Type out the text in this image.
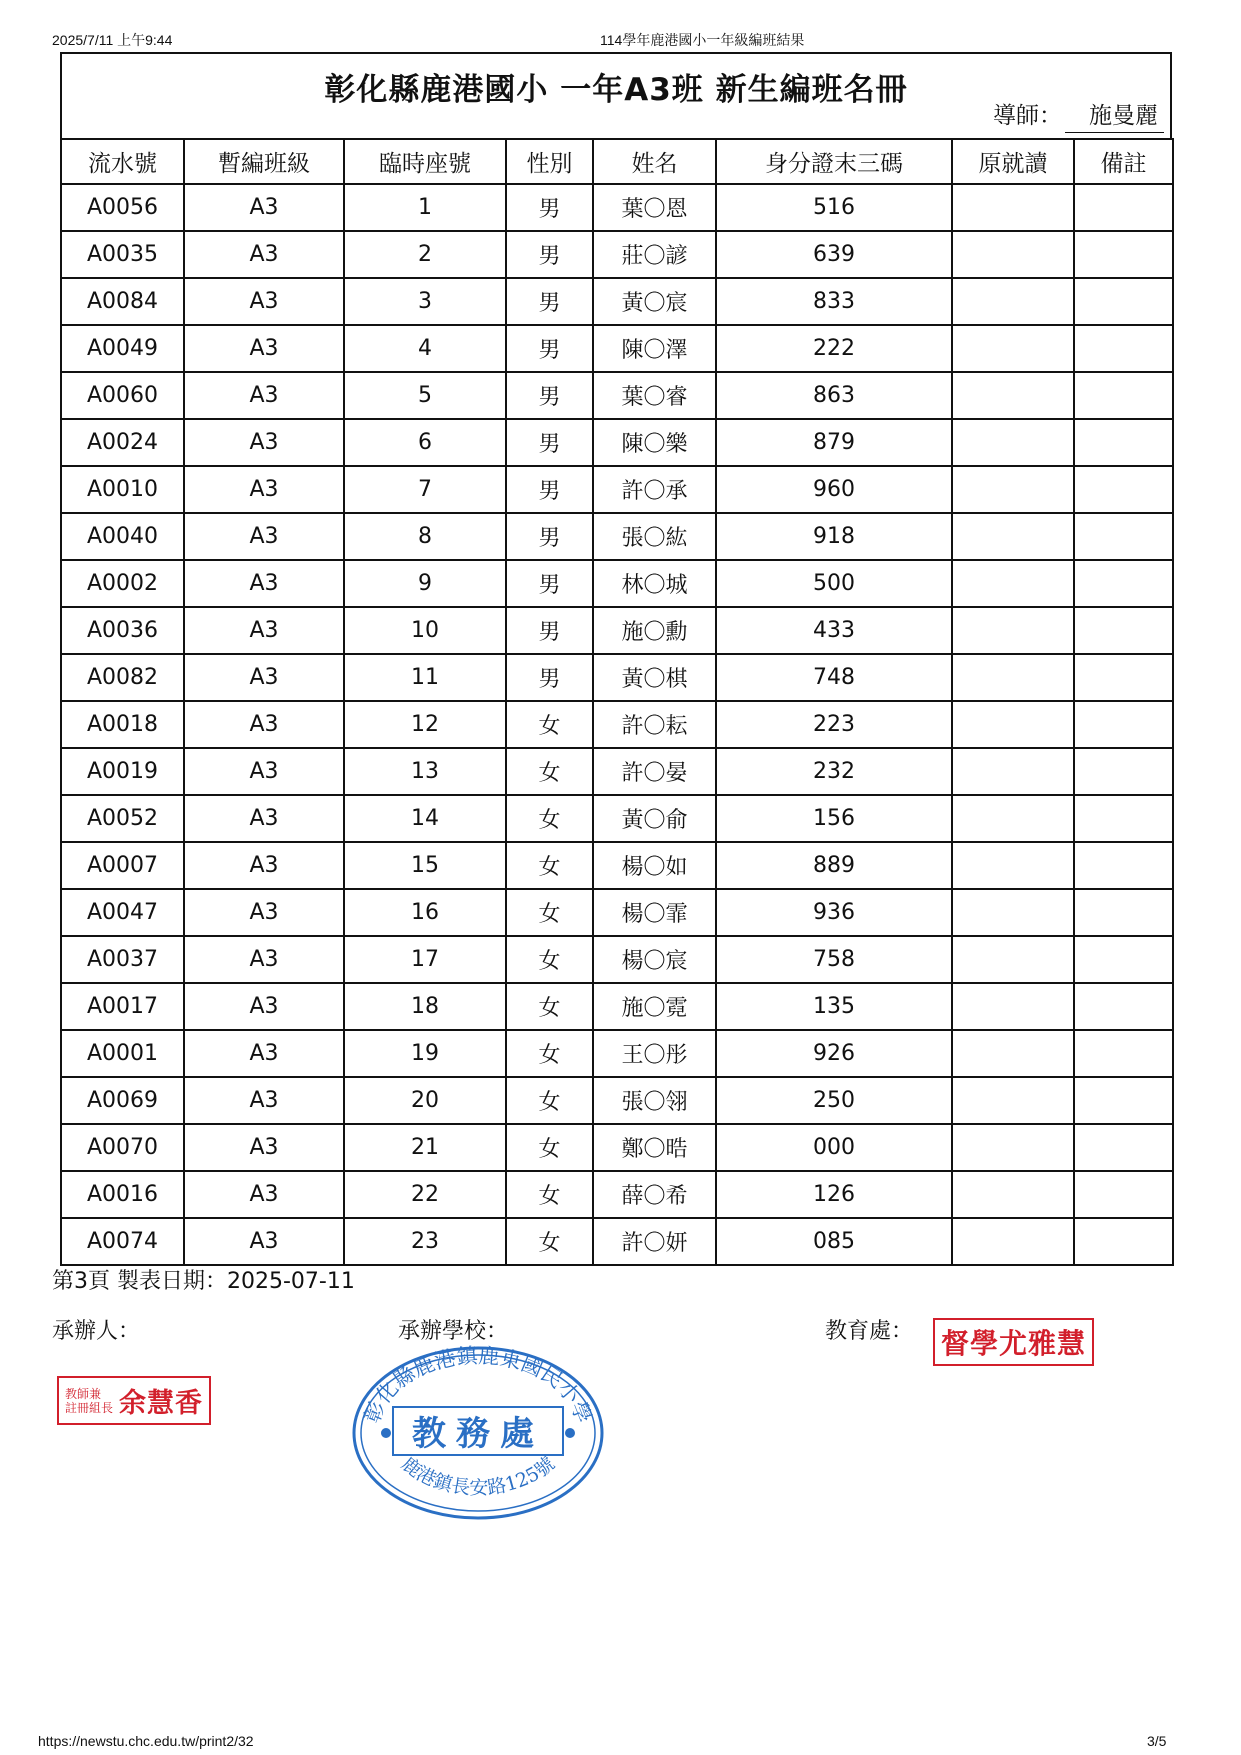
2025/7/11 上午9:44	114學年鹿港國小一年級編班結果
彰化縣鹿港國小 一年A3班 新生編班名冊
導師：	施曼麗
流水號	暫編班級	臨時座號	性別	姓名	身分證末三碼	原就讀	備註
A0056	A3	1	男	葉〇恩	516		
A0035	A3	2	男	莊〇諺	639		
A0084	A3	3	男	黃〇宸	833		
A0049	A3	4	男	陳〇澤	222		
A0060	A3	5	男	葉〇睿	863		
A0024	A3	6	男	陳〇樂	879		
A0010	A3	7	男	許〇承	960		
A0040	A3	8	男	張〇紘	918		
A0002	A3	9	男	林〇城	500		
A0036	A3	10	男	施〇勳	433		
A0082	A3	11	男	黃〇棋	748		
A0018	A3	12	女	許〇耘	223		
A0019	A3	13	女	許〇晏	232		
A0052	A3	14	女	黃〇俞	156		
A0007	A3	15	女	楊〇如	889		
A0047	A3	16	女	楊〇霏	936		
A0037	A3	17	女	楊〇宸	758		
A0017	A3	18	女	施〇霓	135		
A0001	A3	19	女	王〇彤	926		
A0069	A3	20	女	張〇翎	250		
A0070	A3	21	女	鄭〇晧	000		
A0016	A3	22	女	薛〇希	126		
A0074	A3	23	女	許〇妍	085		
第3頁 製表日期：2025-07-11
承辦人：	承辦學校：	教育處： 督學尤雅慧
教師兼
註冊組長 余慧香	彰化縣鹿港鎮鹿東國民小學
教務處
鹿港鎮長安路125號
https://newstu.chc.edu.tw/print2/32	3/5
